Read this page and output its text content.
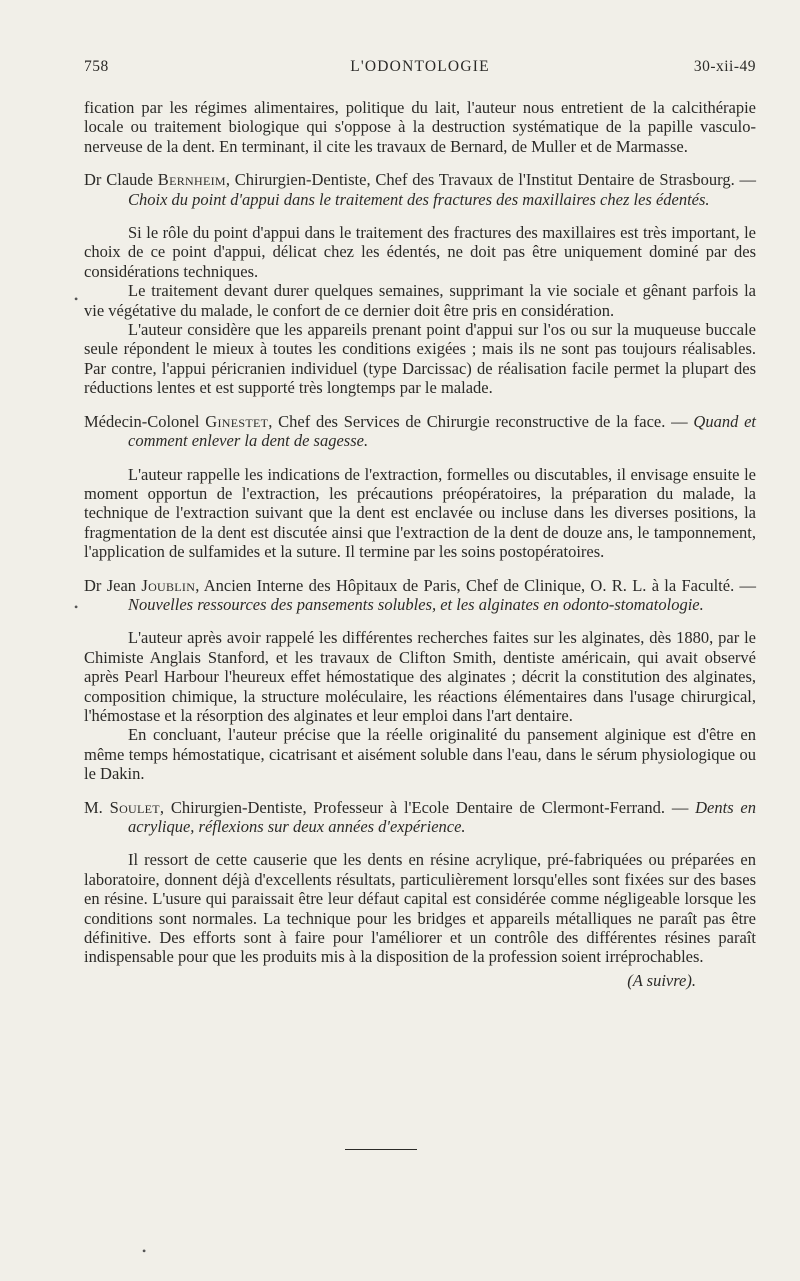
758	L'ODONTOLOGIE	30-xii-49

fication par les régimes alimentaires, politique du lait, l'auteur nous entretient de la calcithérapie locale ou traitement biologique qui s'oppose à la destruction systématique de la papille vasculo-nerveuse de la dent. En terminant, il cite les travaux de Bernard, de Muller et de Marmasse.

Dr Claude Bernheim, Chirurgien-Dentiste, Chef des Travaux de l'Institut Dentaire de Strasbourg. — Choix du point d'appui dans le traitement des fractures des maxillaires chez les édentés.

Si le rôle du point d'appui dans le traitement des fractures des maxillaires est très important, le choix de ce point d'appui, délicat chez les édentés, ne doit pas être uniquement dominé par des considérations techniques.

Le traitement devant durer quelques semaines, supprimant la vie sociale et gênant parfois la vie végétative du malade, le confort de ce dernier doit être pris en considération.

L'auteur considère que les appareils prenant point d'appui sur l'os ou sur la muqueuse buccale seule répondent le mieux à toutes les conditions exigées ; mais ils ne sont pas toujours réalisables. Par contre, l'appui péricranien individuel (type Darcissac) de réalisation facile permet la plupart des réductions lentes et est supporté très longtemps par le malade.

Médecin-Colonel Ginestet, Chef des Services de Chirurgie reconstructive de la face. — Quand et comment enlever la dent de sagesse.

L'auteur rappelle les indications de l'extraction, formelles ou discutables, il envisage ensuite le moment opportun de l'extraction, les précautions préopératoires, la préparation du malade, la technique de l'extraction suivant que la dent est enclavée ou incluse dans les diverses positions, la fragmentation de la dent est discutée ainsi que l'extraction de la dent de douze ans, le tamponnement, l'application de sulfamides et la suture. Il termine par les soins postopératoires.

Dr Jean Joublin, Ancien Interne des Hôpitaux de Paris, Chef de Clinique, O. R. L. à la Faculté. — Nouvelles ressources des pansements solubles, et les alginates en odonto-stomatologie.

L'auteur après avoir rappelé les différentes recherches faites sur les alginates, dès 1880, par le Chimiste Anglais Stanford, et les travaux de Clifton Smith, dentiste américain, qui avait observé après Pearl Harbour l'heureux effet hémostatique des alginates ; décrit la constitution des alginates, composition chimique, la structure moléculaire, les réactions élémentaires dans l'usage chirurgical, l'hémostase et la résorption des alginates et leur emploi dans l'art dentaire.

En concluant, l'auteur précise que la réelle originalité du pansement alginique est d'être en même temps hémostatique, cicatrisant et aisément soluble dans l'eau, dans le sérum physiologique ou le Dakin.

M. Soulet, Chirurgien-Dentiste, Professeur à l'Ecole Dentaire de Clermont-Ferrand. — Dents en acrylique, réflexions sur deux années d'expérience.

Il ressort de cette causerie que les dents en résine acrylique, pré-fabriquées ou préparées en laboratoire, donnent déjà d'excellents résultats, particulièrement lorsqu'elles sont fixées sur des bases en résine. L'usure qui paraissait être leur défaut capital est considérée comme négligeable lorsque les conditions sont normales. La technique pour les bridges et appareils métalliques ne paraît pas être définitive. Des efforts sont à faire pour l'améliorer et un contrôle des différentes résines paraît indispensable pour que les produits mis à la disposition de la profession soient irréprochables.

(A suivre).

•
•
•
